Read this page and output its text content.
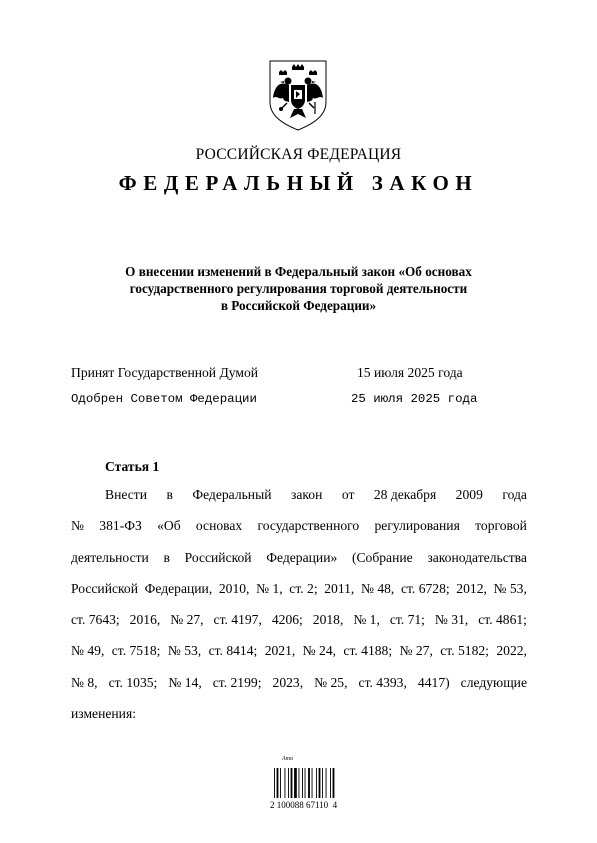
РОССИЙСКАЯ ФЕДЕРАЦИЯ
ФЕДЕРАЛЬНЫЙ ЗАКОН
О внесении изменений в Федеральный закон «Об основах
государственного регулирования торговой деятельности
в Российской Федерации»
Принят Государственной Думой	15 июля 2025 года
Одобрен Советом Федерации	25 июля 2025 года
Статья 1
Внести в Федеральный закон от 28 декабря 2009 года
№ 381-ФЗ «Об основах государственного регулирования торговой
деятельности в Российской Федерации» (Собрание законодательства
Российской Федерации, 2010, № 1, ст. 2; 2011, № 48, ст. 6728; 2012, № 53,
ст. 7643; 2016, № 27, ст. 4197, 4206; 2018, № 1, ст. 71; № 31, ст. 4861;
№ 49, ст. 7518; № 53, ст. 8414; 2021, № 24, ст. 4188; № 27, ст. 5182; 2022,
№ 8, ст. 1035; № 14, ст. 2199; 2023, № 25, ст. 4393, 4417) следующие
изменения:
Ато
2 100088 67110  4
